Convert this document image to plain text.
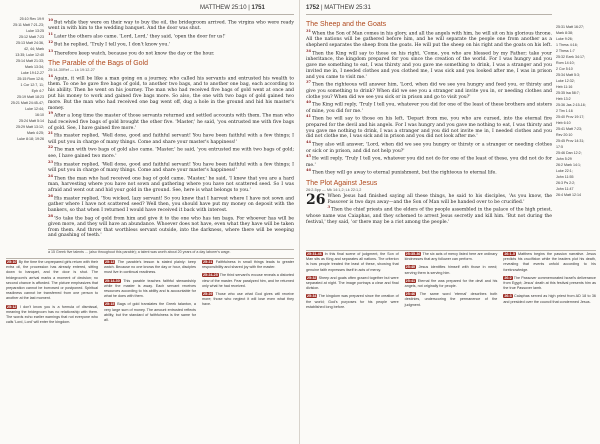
MATTHEW 25:10 | 1751
25:10 Rev 19:9
25:11 Matt 7:21-23;
Luke 13:25
25:12 Matt 7:23
25:13 Matt 24:36,
42, 44; Mark
13:35; Luke 12:40
25:14 Matt 21:33;
Mark 13:34;
Luke 19:12-27
25:15 Rom 12:6;
1 Cor 12:7, 11;
Eph 4:7
25:19 Matt 18:23
25:21 Matt 24:45-47;
Luke 12:44;
16:10
25:24 Matt 5:14
25:29 Matt 13:12;
Mark 4:25;
Luke 8:18; 19:26
$^{10}$But while they were on their way to buy the oil, the bridegroom arrived. The virgins who were ready went in with him to the wedding banquet. And the door was shut.
$^{11}$Later the others also came. 'Lord, Lord,' they said, 'open the door for us!'
$^{12}$But he replied, 'Truly I tell you, I don't know you.'
$^{13}$Therefore keep watch, because you do not know the day or the hour.
The Parable of the Bags of Gold
25:14-30Ref — Lk 19:12-27
$^{14}$Again, it will be like a man going on a journey, who called his servants and entrusted his wealth to them. To one he gave five bags of gold, to another two bags, and to another one bag, each according to his ability. Then he went on his journey. The man who had received five bags of gold went at once and put his money to work and gained five bags more. So also, the one with two bags of gold gained two more. But the man who had received one bag went off, dug a hole in the ground and hid his master's money.
$^{19}$After a long time the master of those servants returned and settled accounts with them. The man who had received five bags of gold brought the other five. 'Master,' he said, 'you entrusted me with five bags of gold. See, I have gained five more.'
$^{21}$His master replied, 'Well done, good and faithful servant! You have been faithful with a few things; I will put you in charge of many things. Come and share your master's happiness!'
$^{22}$The man with two bags of gold also came. 'Master,' he said, 'you entrusted me with two bags of gold; see, I have gained two more.'
$^{23}$His master replied, 'Well done, good and faithful servant! You have been faithful with a few things; I will put you in charge of many things. Come and share your master's happiness!'
$^{24}$Then the man who had received one bag of gold came. 'Master,' he said, 'I knew that you are a hard man, harvesting where you have not sown and gathering where you have not scattered seed. So I was afraid and went out and hid your gold in the ground. See, here is what belongs to you.'
$^{26}$His master replied, 'You wicked, lazy servant! So you knew that I harvest where I have not sown and gather where I have not scattered seed? Well then, you should have put my money on deposit with the bankers, so that when I returned I would have received it back with interest.
$^{28}$'So take the bag of gold from him and give it to the one who has ten bags. For whoever has will be given more, and they will have an abundance. Whoever does not have, even what they have will be taken from them. And throw that worthless servant outside, into the darkness, where there will be weeping and gnashing of teeth.'
a 15 Greek five talents ... (also throughout this parable); a talent was worth about 20 years of a day laborer's wage.
25:10 By the time the unprepared girls return with their extra oil, the procession has already entered, sitting down to banquet, and the door is shut. The bridegroom's arrival marks a moment of decision; no second chance is afforded. The picture emphasizes that preparation cannot be borrowed or postponed. Spiritual readiness cannot be transferred from one person to another at the last moment.
25:12 I don't know you is a formula of dismissal, meaning the bridegroom has no relationship with them. The words echo earlier warnings that not everyone who calls 'Lord, Lord' will enter the kingdom.
25:13 The parable's lesson is stated plainly: keep watch. Because no one knows the day or hour, disciples must live in continual readiness.
25:14-30 This parable teaches faithful stewardship while the master is away. Each servant receives resources according to his ability and is accountable for what he does with them.
25:15 Bags of gold translates the Greek talanton, a very large sum of money. The amount entrusted reflects ability, but the standard of faithfulness is the same for all.
25:21 Faithfulness in small things leads to greater responsibility and shared joy with the master.
25:24-25 The third servant's excuse reveals a distorted view of the master. Fear paralyzed him, and he returned only what he had received.
25:29 Those who use what God gives will receive more; those who neglect it will lose even what they have.
1752 | MATTHEW 25:31
The Sheep and the Goats
$^{31}$When the Son of Man comes in his glory, and all the angels with him, he will sit on his glorious throne. All the nations will be gathered before him, and he will separate the people one from another as a shepherd separates the sheep from the goats. He will put the sheep on his right and the goats on his left.
$^{34}$Then the King will say to those on his right, 'Come, you who are blessed by my Father; take your inheritance, the kingdom prepared for you since the creation of the world. For I was hungry and you gave me something to eat, I was thirsty and you gave me something to drink, I was a stranger and you invited me in, I needed clothes and you clothed me, I was sick and you looked after me, I was in prison and you came to visit me.'
$^{37}$Then the righteous will answer him, 'Lord, when did we see you hungry and feed you, or thirsty and give you something to drink? When did we see you a stranger and invite you in, or needing clothes and clothe you? When did we see you sick or in prison and go to visit you?'
$^{40}$The King will reply, 'Truly I tell you, whatever you did for one of the least of these brothers and sisters of mine, you did for me.'
$^{41}$Then he will say to those on his left, 'Depart from me, you who are cursed, into the eternal fire prepared for the devil and his angels. For I was hungry and you gave me nothing to eat, I was thirsty and you gave me nothing to drink, I was a stranger and you did not invite me in, I needed clothes and you did not clothe me, I was sick and in prison and you did not look after me.'
$^{44}$They also will answer, 'Lord, when did we see you hungry or thirsty or a stranger or needing clothes or sick or in prison, and did not help you?'
$^{45}$He will reply, 'Truly I tell you, whatever you did not do for one of the least of these, you did not do for me.'
$^{46}$Then they will go away to eternal punishment, but the righteous to eternal life.
The Plot Against Jesus
26:2-5pp — Mk 14:1,2; Lk 22:1,2
26 When Jesus had finished saying all these things, he said to his disciples, 'As you know, the Passover is two days away—and the Son of Man will be handed over to be crucified.'
$^3$Then the chief priests and the elders of the people assembled in the palace of the high priest, whose name was Caiaphas, and they schemed to arrest Jesus secretly and kill him. 'But not during the festival,' they said, 'or there may be a riot among the people.'
25:31 Matt 16:27;
Mark 8:38;
Luke 9:26;
1 Thess 4:16;
2 Thess 1:7
25:32 Ezek 34:17;
Rom 14:10;
2 Cor 5:10
25:34 Matt 5:3;
Luke 12:32;
Heb 11:16
25:35 Isa 58:7;
Heb 13:2
25:36 Jas 2:15-16;
2 Tim 1:16
25:40 Prov 19:17;
Heb 6:10
25:41 Matt 7:23;
Rev 20:10
25:45 Prov 14:31;
17:5
25:46 Dan 12:2;
John 5:29
26:2 Mark 14:1;
Luke 22:1;
John 11:55
26:3 Ps 2:2;
John 11:47
26:4 Matt 12:14
25:31-46 In this final scene of judgment, the Son of Man sits as King and separates all nations. The criterion is how people treated the least of these, showing that genuine faith expresses itself in acts of mercy.
25:32 Sheep and goats often grazed together but were separated at night. The image portrays a clear and final division.
25:34 The kingdom was prepared since the creation of the world; God's purposes for his people were established long before.
25:35-36 The six acts of mercy listed here are ordinary kindnesses that any follower can perform.
25:40 Jesus identifies himself with those in need; serving them is serving him.
25:41 Eternal fire was prepared for the devil and his angels, not originally for people.
25:46 The same word 'eternal' describes both destinies, underscoring the permanence of the judgment.
26:1-5 Matthew begins the passion narrative. Jesus predicts his crucifixion while the leaders plot his death, revealing that events unfold according to his foreknowledge.
26:2 The Passover commemorated Israel's deliverance from Egypt; Jesus' death at this festival presents him as the true Passover lamb.
26:3 Caiaphas served as high priest from AD 18 to 36 and presided over the council that condemned Jesus.
